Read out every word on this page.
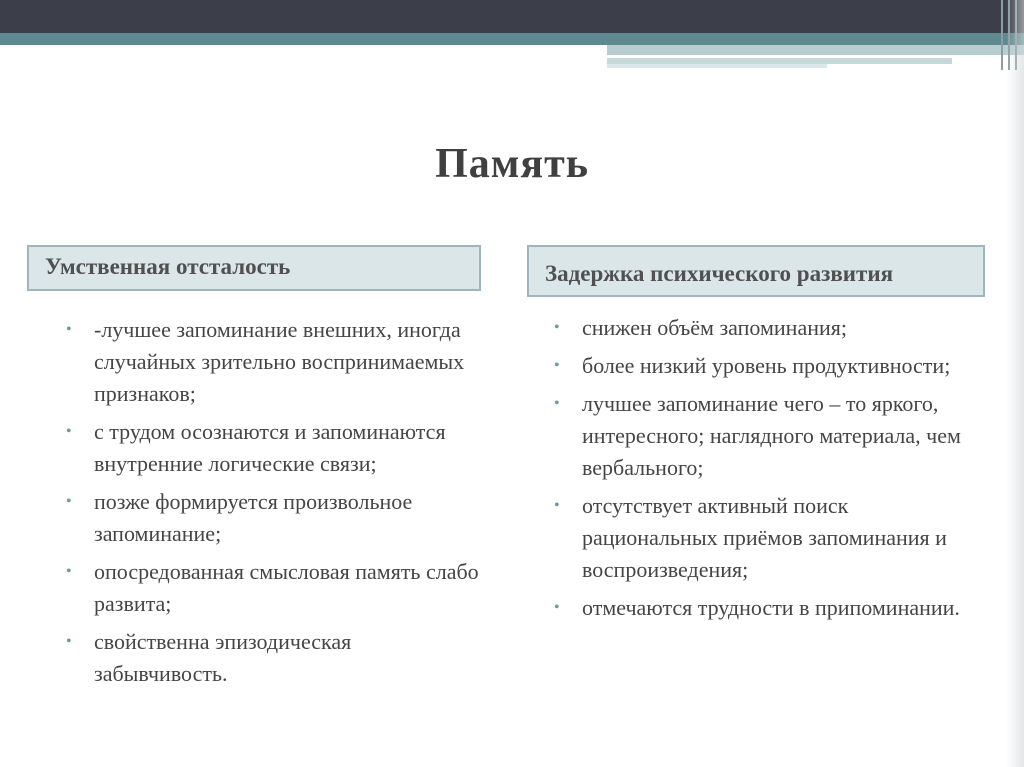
Память
Умственная отсталость	Задержка психического развития
• -лучшее запоминание внешних, иногда случайных зрительно воспринимаемых признаков;
• с трудом осознаются и запоминаются внутренние логические связи;
• позже формируется произвольное запоминание;
• опосредованная смысловая память слабо развита;
• свойственна эпизодическая забывчивость.
• снижен объём запоминания;
• более низкий уровень продуктивности;
• лучшее запоминание чего – то яркого, интересного; наглядного материала, чем вербального;
• отсутствует активный поиск рациональных приёмов запоминания и воспроизведения;
• отмечаются трудности в припоминании.
